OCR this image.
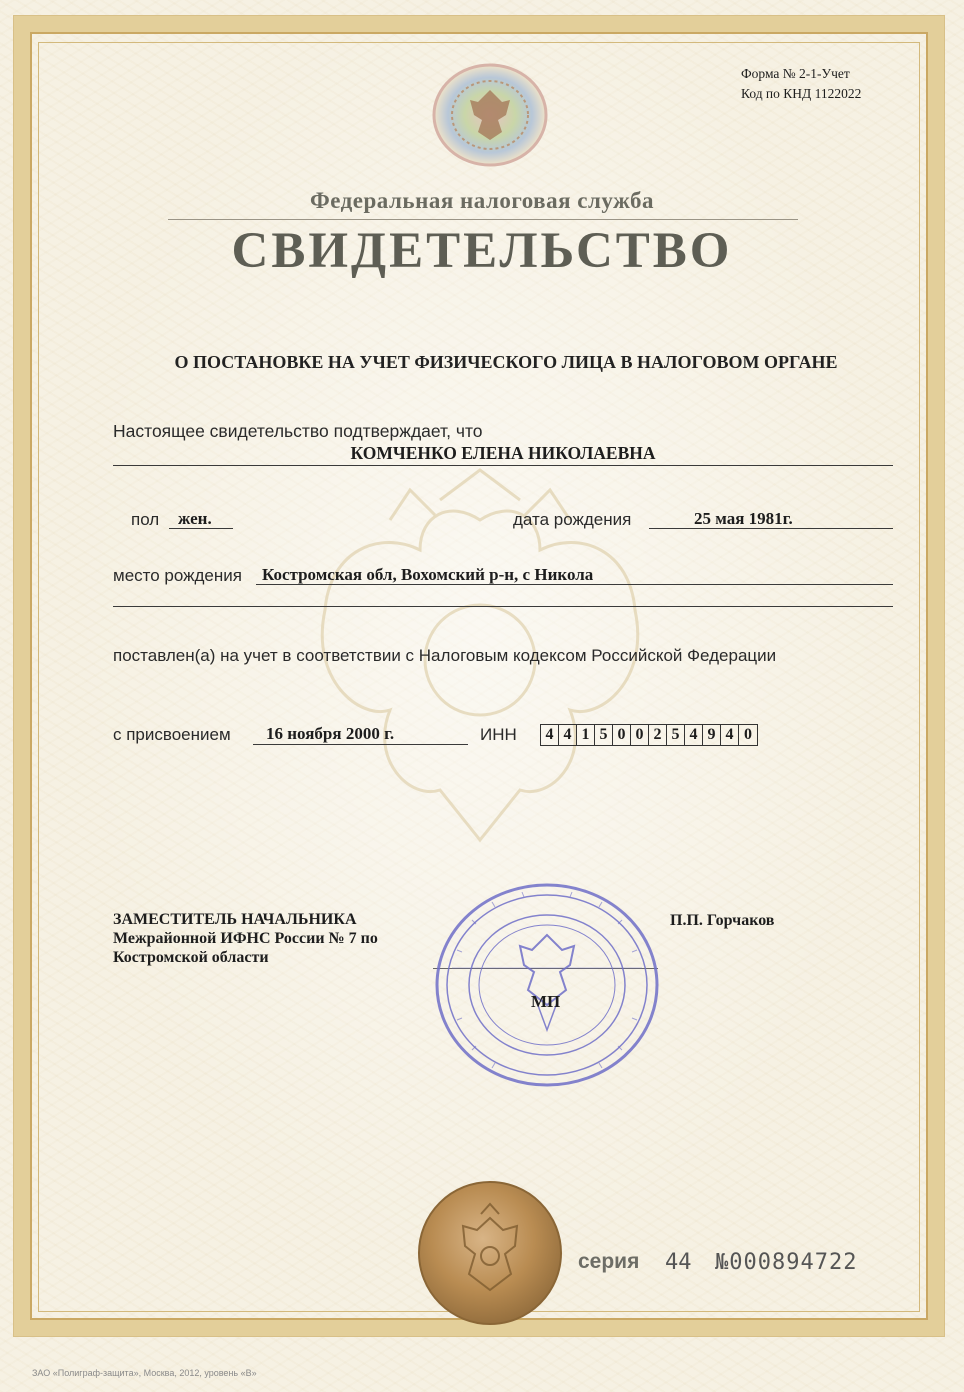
Форма № 2-1-Учет
Код по КНД 1122022
Федеральная налоговая служба
СВИДЕТЕЛЬСТВО
О ПОСТАНОВКЕ НА УЧЕТ ФИЗИЧЕСКОГО ЛИЦА В НАЛОГОВОМ ОРГАНЕ
Настоящее свидетельство подтверждает, что
КОМЧЕНКО ЕЛЕНА НИКОЛАЕВНА
пол жен.	дата рождения	25 мая 1981г.
место рождения Костромская обл, Вохомский р-н, с Никола
поставлен(а) на учет в соответствии с Налоговым кодексом Российской Федерации
с присвоением 16 ноября 2000 г.	ИНН 4 4 1 5 0 0 2 5 4 9 4 0
ЗАМЕСТИТЕЛЬ НАЧАЛЬНИКА
Межрайонной ИФНС России № 7 по
Костромской области
П.П. Горчаков
МП
серия 44 №000894722
ЗАО «Полиграф-защита», Москва, 2012, уровень «В»
